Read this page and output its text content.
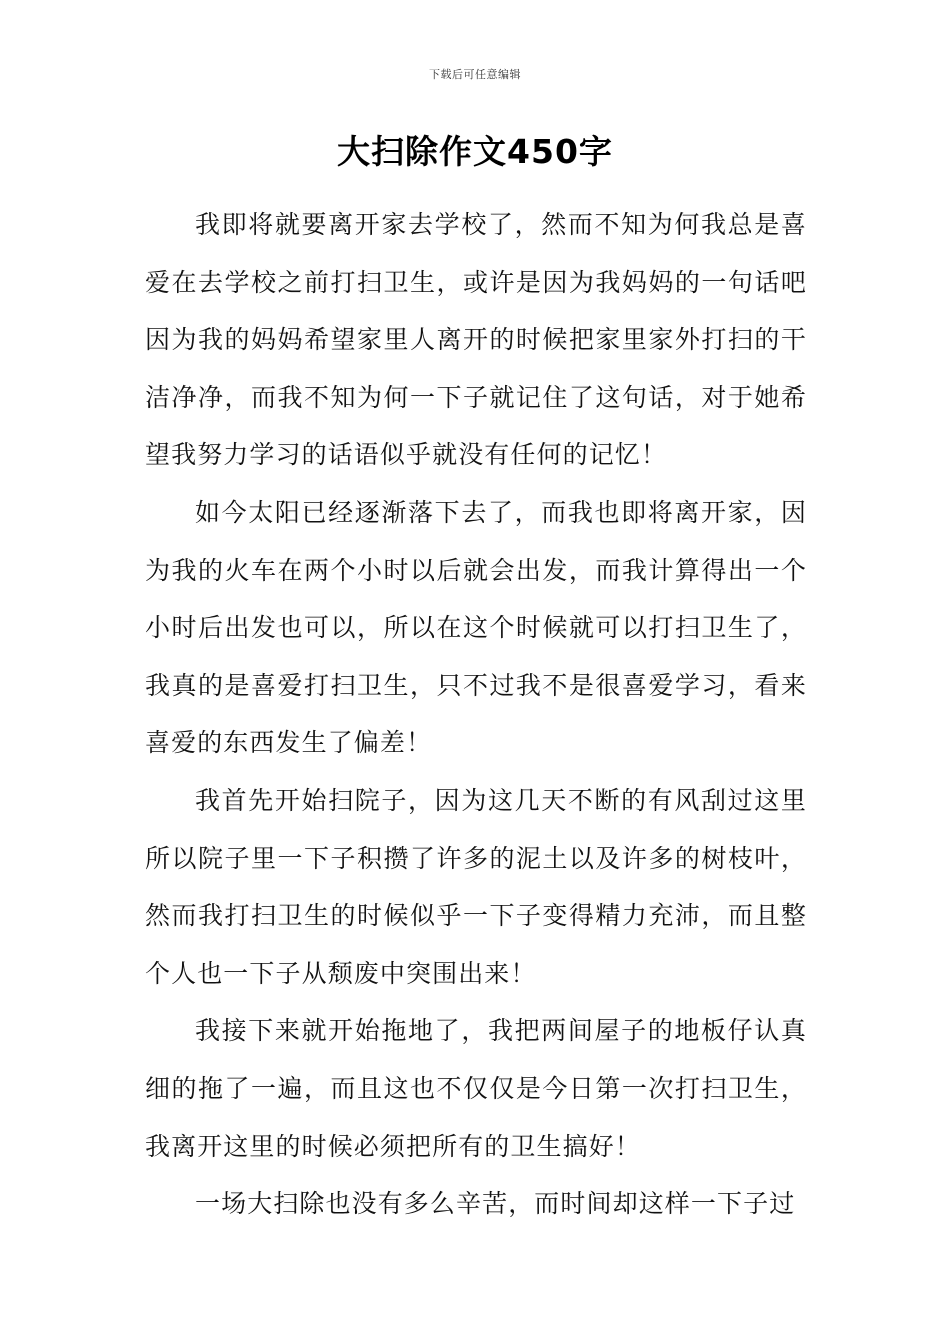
下载后可任意编辑
大扫除作文450字

我即将就要离开家去学校了，然而不知为何我总是喜爱在去学校之前打扫卫生，或许是因为我妈妈的一句话吧因为我的妈妈希望家里人离开的时候把家里家外打扫的干洁净净，而我不知为何一下子就记住了这句话，对于她希望我努力学习的话语似乎就没有任何的记忆！

如今太阳已经逐渐落下去了，而我也即将离开家，因为我的火车在两个小时以后就会出发，而我计算得出一个小时后出发也可以，所以在这个时候就可以打扫卫生了，我真的是喜爱打扫卫生，只不过我不是很喜爱学习，看来喜爱的东西发生了偏差！

我首先开始扫院子，因为这几天不断的有风刮过这里所以院子里一下子积攒了许多的泥土以及许多的树枝叶，然而我打扫卫生的时候似乎一下子变得精力充沛，而且整个人也一下子从颓废中突围出来！

我接下来就开始拖地了，我把两间屋子的地板仔认真细的拖了一遍，而且这也不仅仅是今日第一次打扫卫生，我离开这里的时候必须把所有的卫生搞好！

一场大扫除也没有多么辛苦，而时间却这样一下子过
